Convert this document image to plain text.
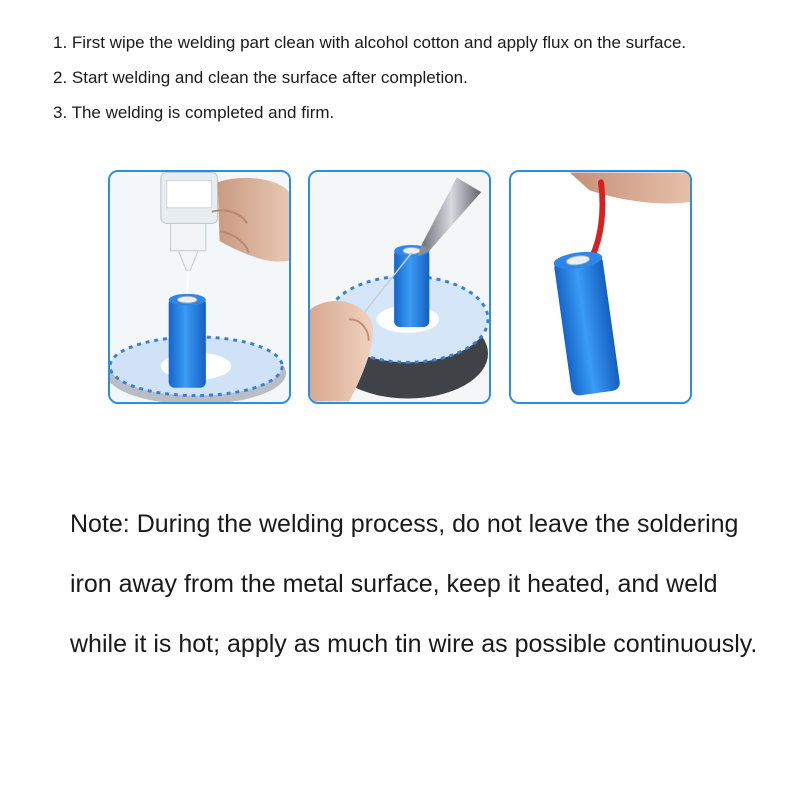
1. First wipe the welding part clean with alcohol cotton and apply flux on the surface.
2. Start welding and clean the surface after completion.
3. The welding is completed and firm.

Note: During the welding process, do not leave the soldering iron away from the metal surface, keep it heated, and weld while it is hot; apply as much tin wire as possible continuously.
